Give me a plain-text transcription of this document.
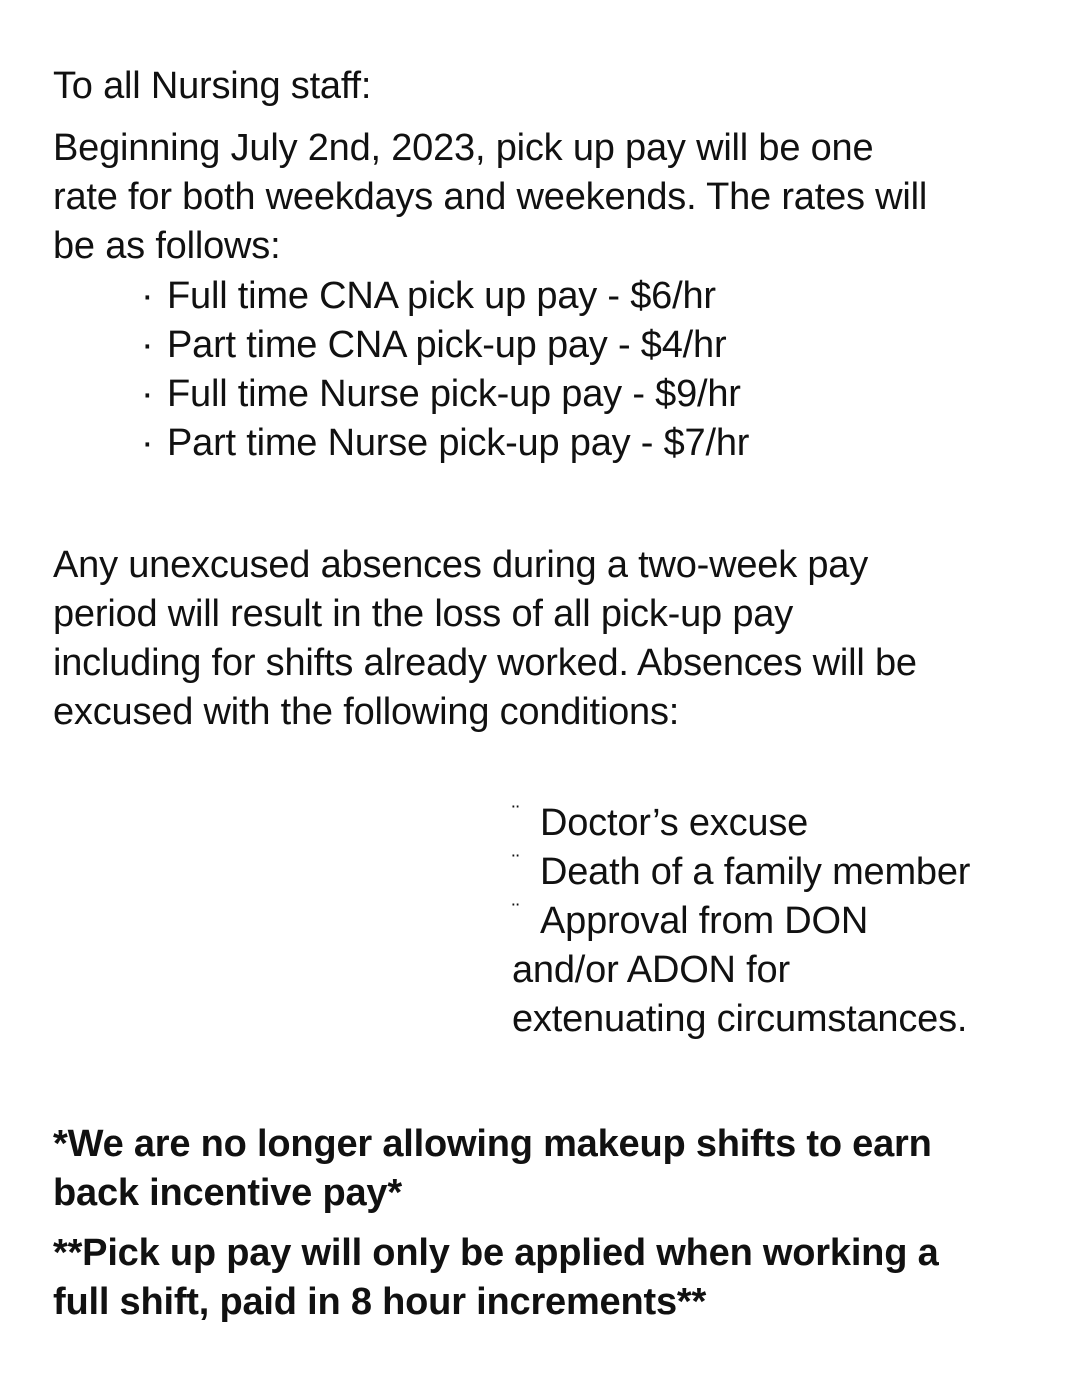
To all Nursing staff:
Beginning July 2nd, 2023, pick up pay will be one
rate for both weekdays and weekends. The rates will
be as follows:
· Full time CNA pick up pay - $6/hr
· Part time CNA pick-up pay - $4/hr
· Full time Nurse pick-up pay - $9/hr
· Part time Nurse pick-up pay - $7/hr
Any unexcused absences during a two-week pay
period will result in the loss of all pick-up pay
including for shifts already worked. Absences will be
excused with the following conditions:
¨ Doctor’s excuse
¨ Death of a family member
¨ Approval from DON
and/or ADON for
extenuating circumstances.
*We are no longer allowing makeup shifts to earn
back incentive pay*
**Pick up pay will only be applied when working a
full shift, paid in 8 hour increments**
